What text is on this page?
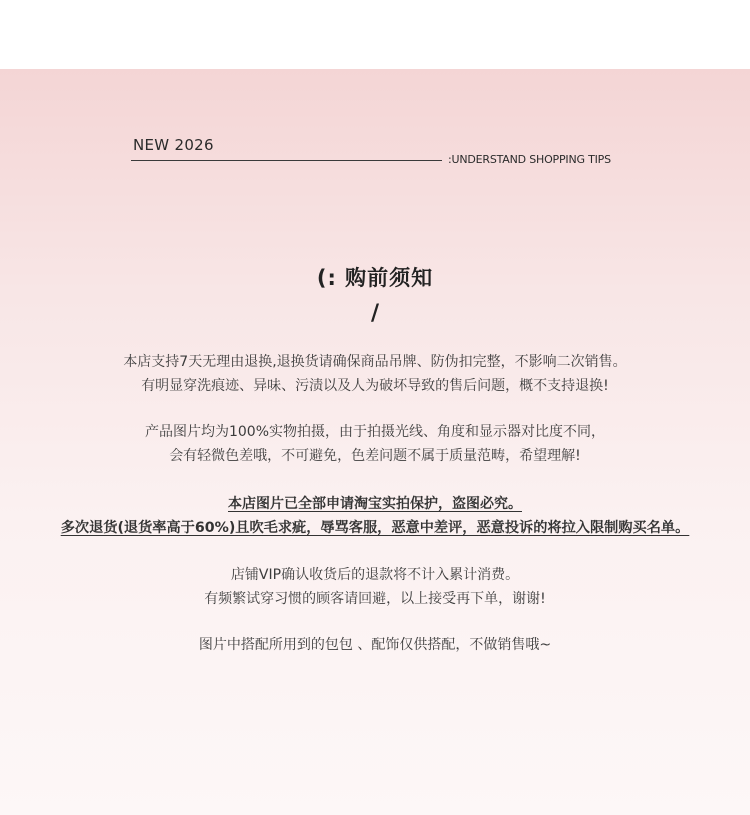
NEW 2026
:UNDERSTAND SHOPPING TIPS
(: 购前须知
/
本店支持7天无理由退换,退换货请确保商品吊牌、防伪扣完整，不影响二次销售。
有明显穿洗痕迹、异味、污渍以及人为破坏导致的售后问题，概不支持退换!
产品图片均为100%实物拍摄，由于拍摄光线、角度和显示器对比度不同，
会有轻微色差哦，不可避免，色差问题不属于质量范畴，希望理解!
本店图片已全部申请淘宝实拍保护，盗图必究。
多次退货(退货率高于60%)且吹毛求疵，辱骂客服，恶意中差评，恶意投诉的将拉入限制购买名单。
店铺VIP确认收货后的退款将不计入累计消费。
有频繁试穿习惯的顾客请回避，以上接受再下单，谢谢!
图片中搭配所用到的包包 、配饰仅供搭配，不做销售哦~
